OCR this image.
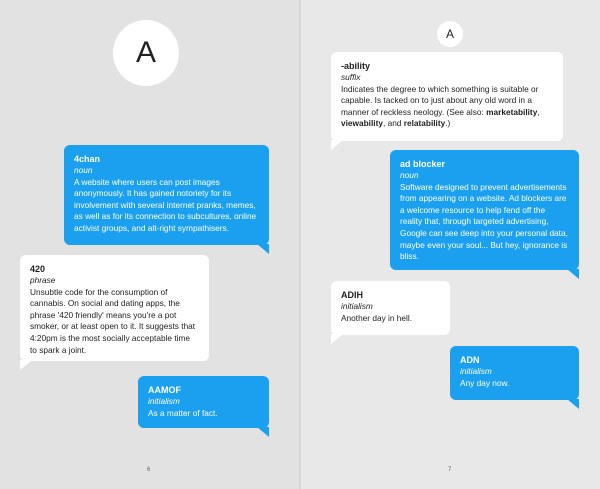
A
A
4chan
noun
A website where users can post images anonymously. It has gained notoriety for its involvement with several internet pranks, memes, as well as for its connection to subcultures, online activist groups, and alt-right sympathisers.
420
phrase
Unsubtle code for the consumption of cannabis. On social and dating apps, the phrase '420 friendly' means you're a pot smoker, or at least open to it. It suggests that 4:20pm is the most socially acceptable time to spark a joint.
AAMOF
initialism
As a matter of fact.
6
-ability
suffix
Indicates the degree to which something is suitable or capable. Is tacked on to just about any old word in a manner of reckless neology. (See also: marketability, viewability, and relatability.)
ad blocker
noun
Software designed to prevent advertisements from appearing on a website. Ad blockers are a welcome resource to help fend off the reality that, through targeted advertising, Google can see deep into your personal data, maybe even your soul... But hey, ignorance is bliss.
ADIH
initialism
Another day in hell.
ADN
initialism
Any day now.
7
